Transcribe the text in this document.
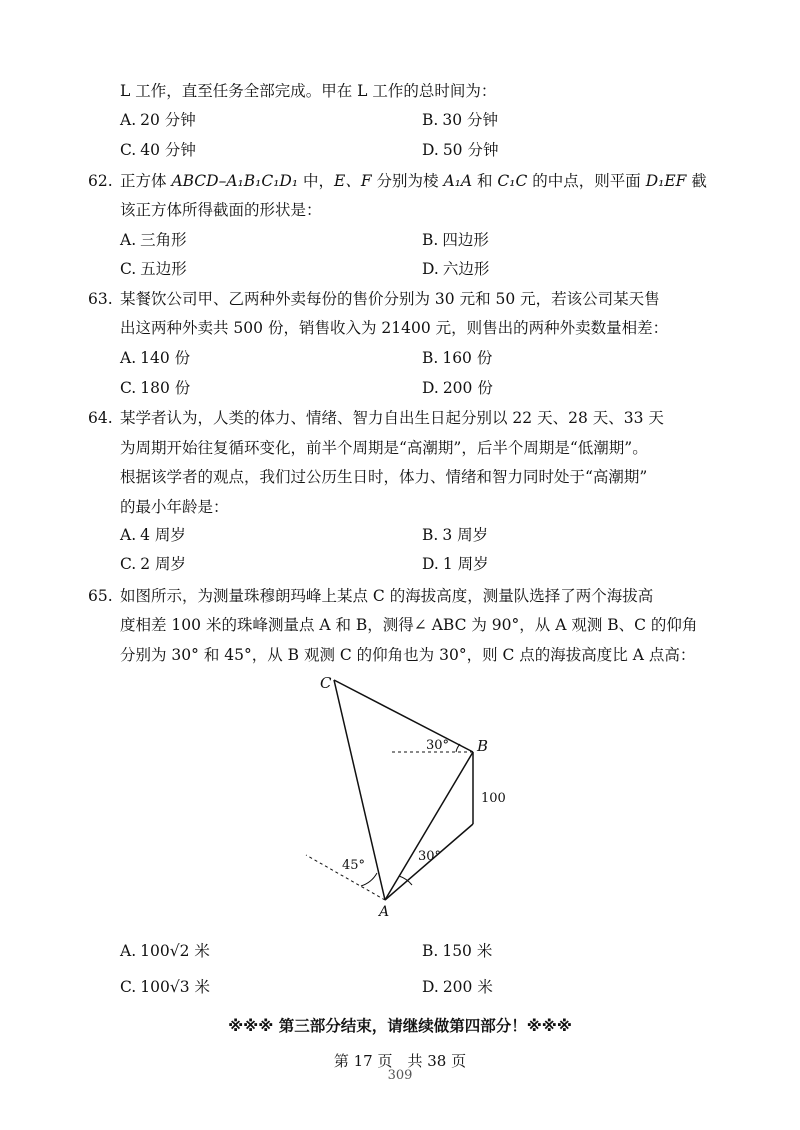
L 工作，直至任务全部完成。甲在 L 工作的总时间为：
A. 20 分钟	B. 30 分钟
C. 40 分钟	D. 50 分钟
62. 正方体 ABCD–A₁B₁C₁D₁ 中，E、F 分别为棱 A₁A 和 C₁C 的中点，则平面 D₁EF 截
该正方体所得截面的形状是：
A. 三角形	B. 四边形
C. 五边形	D. 六边形
63. 某餐饮公司甲、乙两种外卖每份的售价分别为 30 元和 50 元，若该公司某天售
出这两种外卖共 500 份，销售收入为 21400 元，则售出的两种外卖数量相差：
A. 140 份	B. 160 份
C. 180 份	D. 200 份
64. 某学者认为，人类的体力、情绪、智力自出生日起分别以 22 天、28 天、33 天
为周期开始往复循环变化，前半个周期是“高潮期”，后半个周期是“低潮期”。
根据该学者的观点，我们过公历生日时，体力、情绪和智力同时处于“高潮期”
的最小年龄是：
A. 4 周岁	B. 3 周岁
C. 2 周岁	D. 1 周岁
65. 如图所示，为测量珠穆朗玛峰上某点 C 的海拔高度，测量队选择了两个海拔高
度相差 100 米的珠峰测量点 A 和 B，测得∠ ABC 为 90°，从 A 观测 B、C 的仰角
分别为 30° 和 45°，从 B 观测 C 的仰角也为 30°，则 C 点的海拔高度比 A 点高：
C
B
A
30°
45°
30°
100
A. 100√2 米	B. 150 米
C. 100√3 米	D. 200 米
※※※ 第三部分结束，请继续做第四部分！※※※
第 17 页　共 38 页
309
